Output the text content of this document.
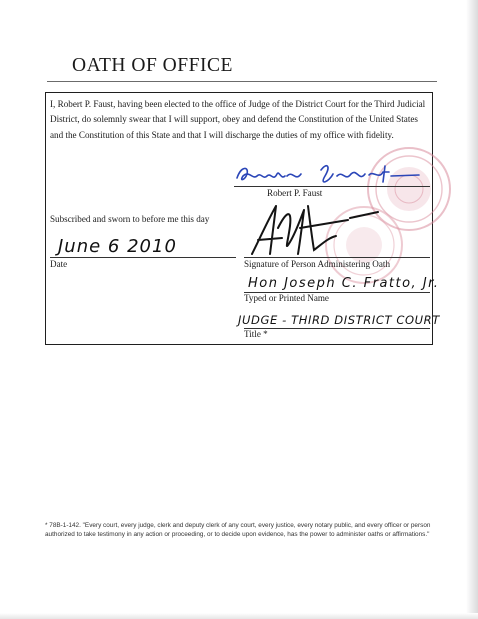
OATH OF OFFICE
I, Robert P. Faust, having been elected to the office of Judge of the District Court for the Third Judicial District, do solemnly swear that I will support, obey and defend the Constitution of the United States and the Constitution of this State and that I will discharge the duties of my office with fidelity.
Robert P. Faust
Subscribed and sworn to before me this day
June 6 2010
Date	Signature of Person Administering Oath
Hon Joseph C. Fratto, Jr.
Typed or Printed Name
JUDGE - THIRD DISTRICT COURT
Title *
* 78B-1-142. "Every court, every judge, clerk and deputy clerk of any court, every justice, every notary public, and every officer or person authorized to take testimony in any action or proceeding, or to decide upon evidence, has the power to administer oaths or affirmations."
